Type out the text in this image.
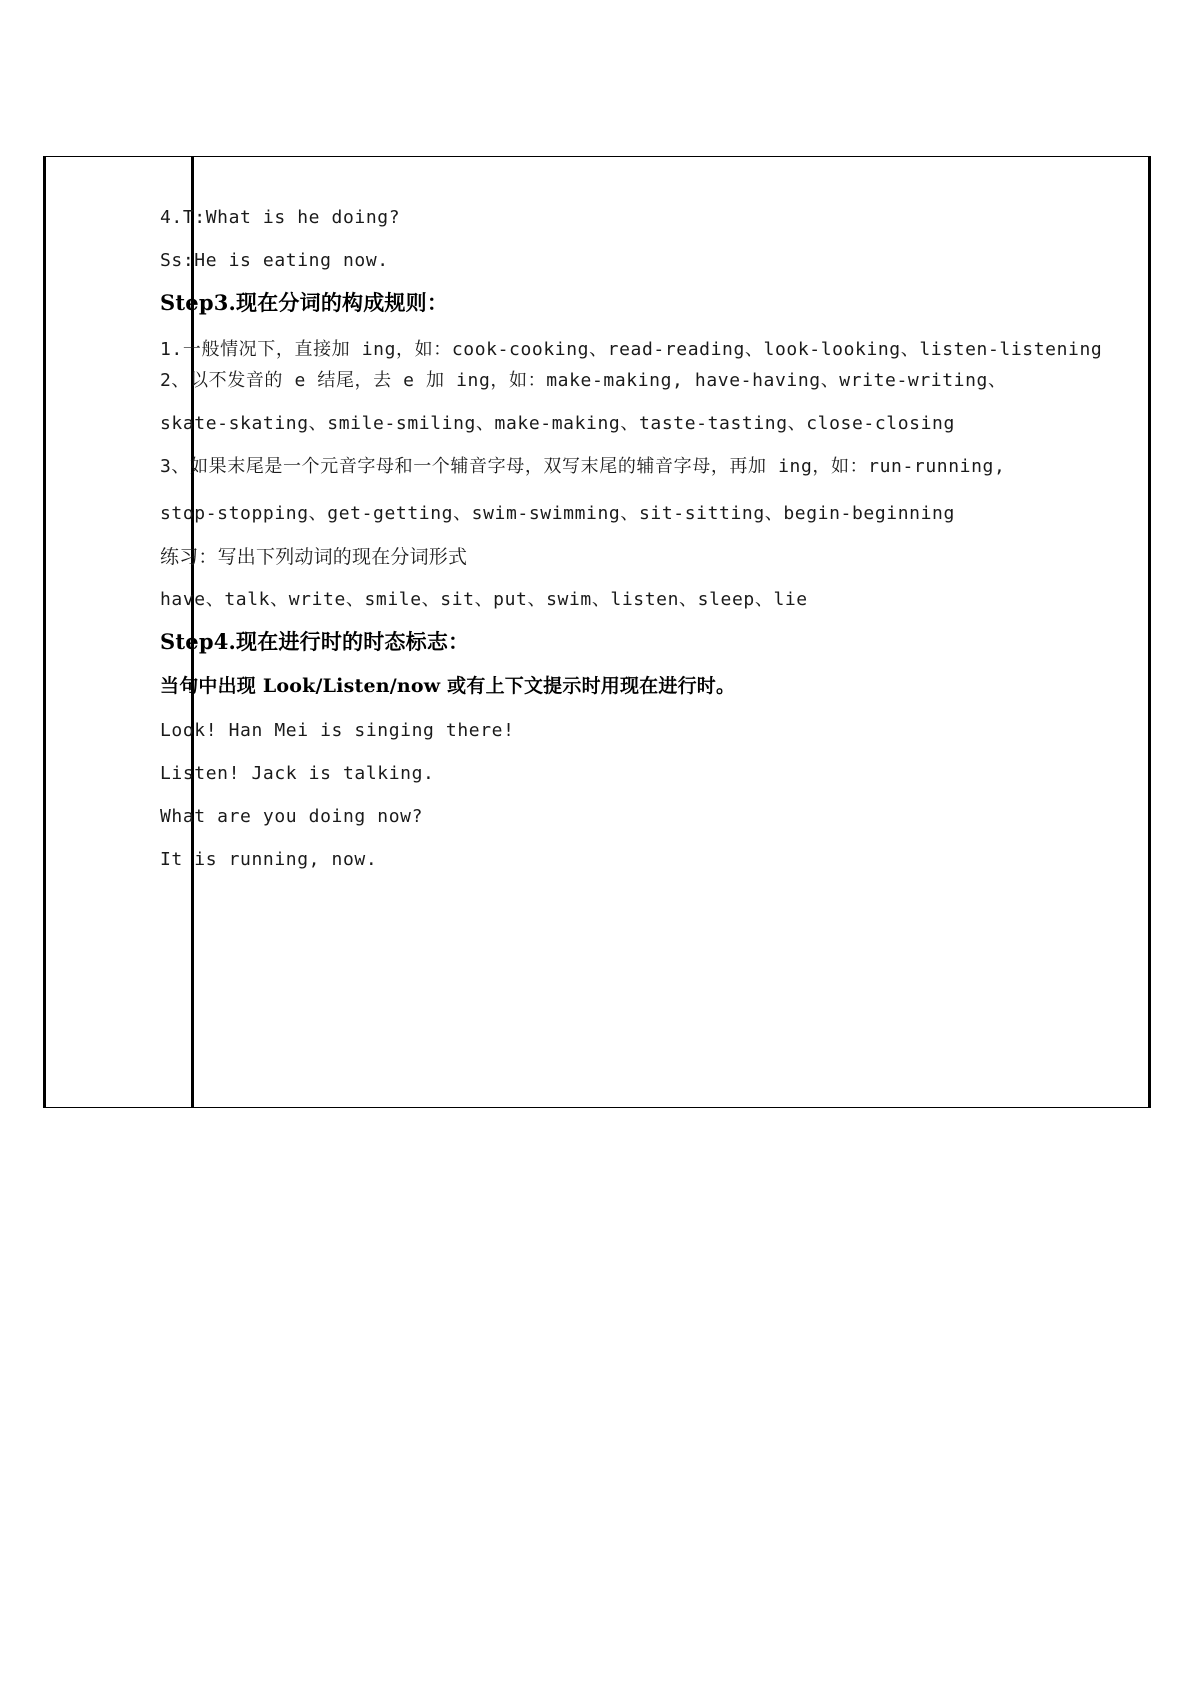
4.T:What is he doing?

Ss:He is eating now.

Step3.现在分词的构成规则：

1.一般情况下，直接加 ing，如：cook-cooking、read-reading、look-looking、listen-listening

2、以不发音的 e 结尾，去 e 加 ing，如：make-making, have-having、write-writing、

skate-skating、smile-smiling、make-making、taste-tasting、close-closing

3、如果末尾是一个元音字母和一个辅音字母，双写末尾的辅音字母，再加 ing，如：run-running,

stop-stopping、get-getting、swim-swimming、sit-sitting、begin-beginning

练习：写出下列动词的现在分词形式

have、talk、write、smile、sit、put、swim、listen、sleep、lie

Step4.现在进行时的时态标志：

当句中出现 Look/Listen/now 或有上下文提示时用现在进行时。

Look! Han Mei is singing there!

Listen! Jack is talking.

What are you doing now?

It is running, now.
